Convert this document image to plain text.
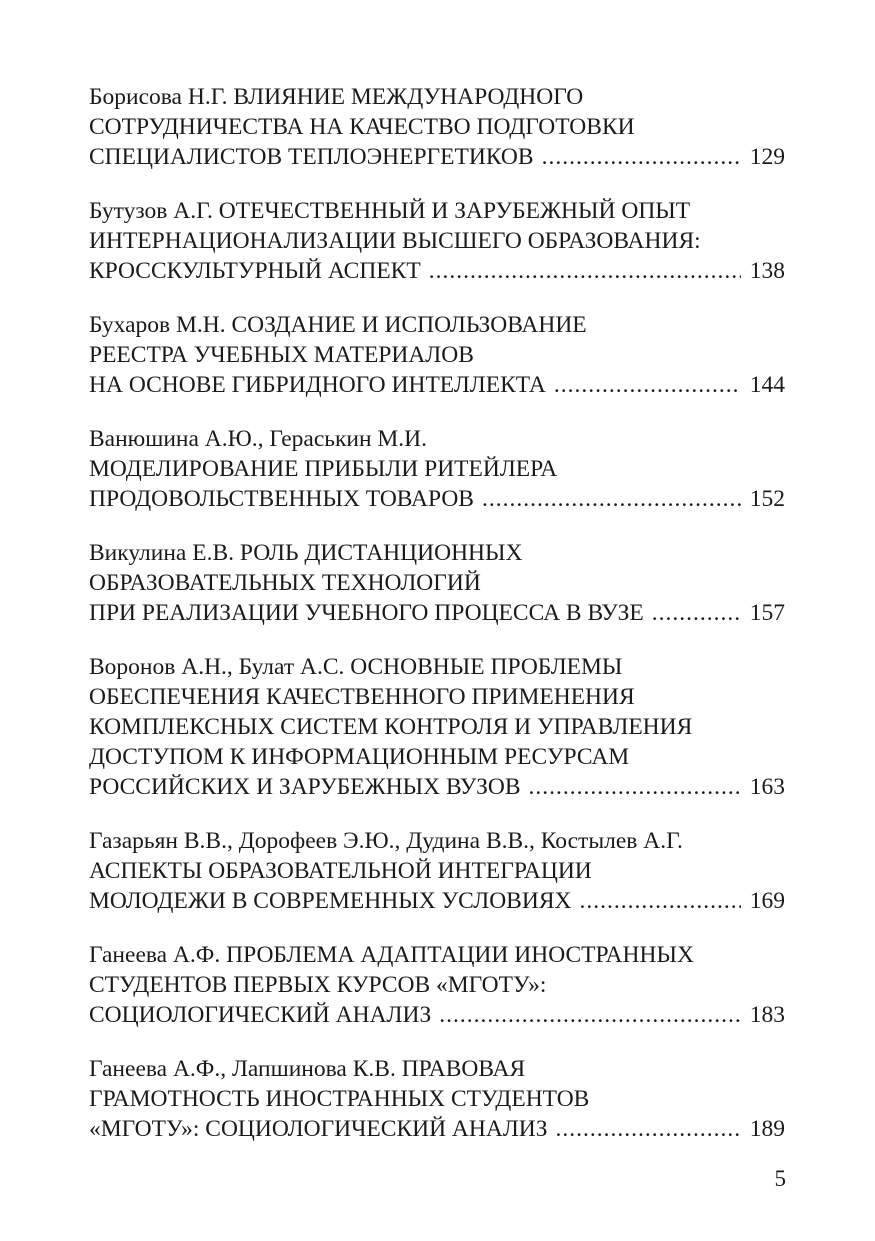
Борисова Н.Г. ВЛИЯНИЕ МЕЖДУНАРОДНОГО
СОТРУДНИЧЕСТВА НА КАЧЕСТВО ПОДГОТОВКИ
СПЕЦИАЛИСТОВ ТЕПЛОЭНЕРГЕТИКОВ .....	129
Бутузов А.Г. ОТЕЧЕСТВЕННЫЙ И ЗАРУБЕЖНЫЙ ОПЫТ
ИНТЕРНАЦИОНАЛИЗАЦИИ ВЫСШЕГО ОБРАЗОВАНИЯ:
КРОССКУЛЬТУРНЫЙ АСПЕКТ .....	138
Бухаров М.Н. СОЗДАНИЕ И ИСПОЛЬЗОВАНИЕ
РЕЕСТРА УЧЕБНЫХ МАТЕРИАЛОВ
НА ОСНОВЕ ГИБРИДНОГО ИНТЕЛЛЕКТА .....	144
Ванюшина А.Ю., Гераськин М.И.
МОДЕЛИРОВАНИЕ ПРИБЫЛИ РИТЕЙЛЕРА
ПРОДОВОЛЬСТВЕННЫХ ТОВАРОВ .....	152
Викулина Е.В. РОЛЬ ДИСТАНЦИОННЫХ
ОБРАЗОВАТЕЛЬНЫХ ТЕХНОЛОГИЙ
ПРИ РЕАЛИЗАЦИИ УЧЕБНОГО ПРОЦЕССА В ВУЗЕ .....	157
Воронов А.Н., Булат А.С. ОСНОВНЫЕ ПРОБЛЕМЫ
ОБЕСПЕЧЕНИЯ КАЧЕСТВЕННОГО ПРИМЕНЕНИЯ
КОМПЛЕКСНЫХ СИСТЕМ КОНТРОЛЯ И УПРАВЛЕНИЯ
ДОСТУПОМ К ИНФОРМАЦИОННЫМ РЕСУРСАМ
РОССИЙСКИХ И ЗАРУБЕЖНЫХ ВУЗОВ .....	163
Газарьян В.В., Дорофеев Э.Ю., Дудина В.В., Костылев А.Г.
АСПЕКТЫ ОБРАЗОВАТЕЛЬНОЙ ИНТЕГРАЦИИ
МОЛОДЕЖИ В СОВРЕМЕННЫХ УСЛОВИЯХ .....	169
Ганеева А.Ф. ПРОБЛЕМА АДАПТАЦИИ ИНОСТРАННЫХ
СТУДЕНТОВ ПЕРВЫХ КУРСОВ «МГОТУ»:
СОЦИОЛОГИЧЕСКИЙ АНАЛИЗ .....	183
Ганеева А.Ф., Лапшинова К.В. ПРАВОВАЯ
ГРАМОТНОСТЬ ИНОСТРАННЫХ СТУДЕНТОВ
«МГОТУ»: СОЦИОЛОГИЧЕСКИЙ АНАЛИЗ .....	189
5
